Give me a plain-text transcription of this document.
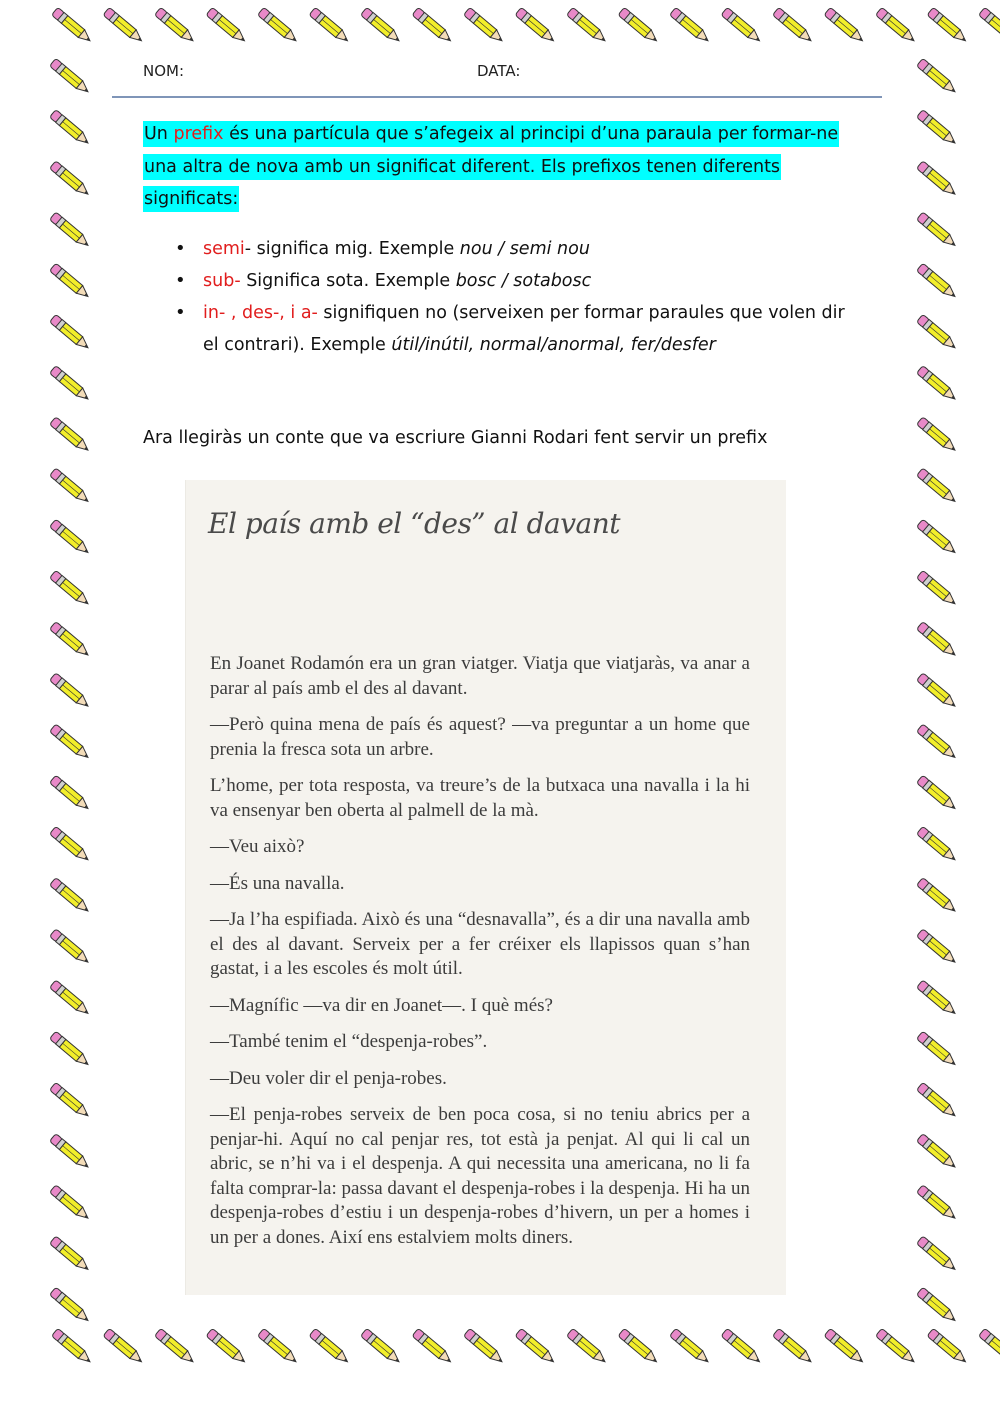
NOM:	DATA:
Un prefix és una partícula que s’afegeix al principi d’una paraula per formar-ne una altra de nova amb un significat diferent. Els prefixos tenen diferents significats:
• semi- significa mig. Exemple nou / semi nou
• sub- Significa sota. Exemple bosc / sotabosc
• in- , des-, i a- signifiquen no (serveixen per formar paraules que volen dir el contrari). Exemple útil/inútil, normal/anormal, fer/desfer
Ara llegiràs un conte que va escriure Gianni Rodari fent servir un prefix
El país amb el “des” al davant

En Joanet Rodamón era un gran viatger. Viatja que viatjaràs, va anar a parar al país amb el des al davant.

—Però quina mena de país és aquest? —va preguntar a un home que prenia la fresca sota un arbre.

L’home, per tota resposta, va treure’s de la butxaca una navalla i la hi va ensenyar ben oberta al palmell de la mà.

—Veu això?

—És una navalla.

—Ja l’ha espifiada. Això és una “desnavalla”, és a dir una navalla amb el des al davant. Serveix per a fer créixer els llapissos quan s’han gastat, i a les escoles és molt útil.

—Magnífic —va dir en Joanet—. I què més?

—També tenim el “despenja-robes”.

—Deu voler dir el penja-robes.

—El penja-robes serveix de ben poca cosa, si no teniu abrics per a penjar-hi. Aquí no cal penjar res, tot està ja penjat. Al qui li cal un abric, se n’hi va i el despenja. A qui necessita una americana, no li fa falta comprar-la: passa davant el despenja-robes i la despenja. Hi ha un despenja-robes d’estiu i un despenja-robes d’hivern, un per a homes i un per a dones. Així ens estalviem molts diners.
